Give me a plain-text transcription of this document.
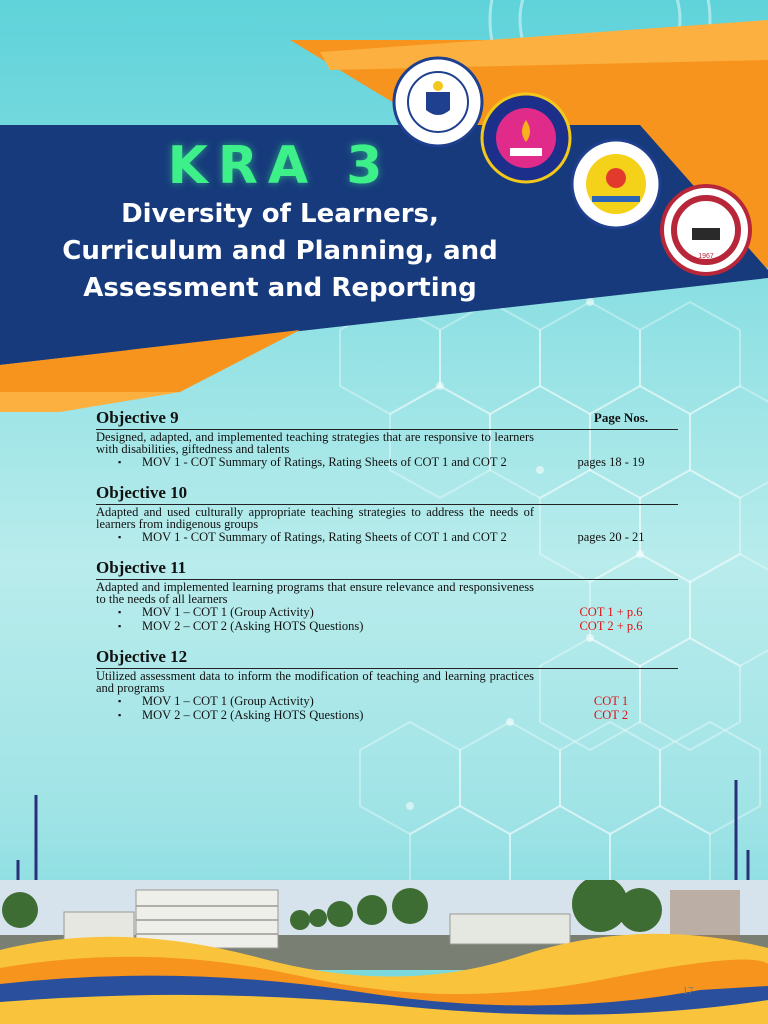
1967
KRA 3
Diversity of Learners,
Curriculum and Planning, and
Assessment and Reporting
Page Nos.
Objective 9
Designed, adapted, and implemented teaching strategies that are responsive to learners with disabilities, giftedness and talents
▪ MOV 1 - COT Summary of Ratings, Rating Sheets of COT 1 and COT 2	pages 18 - 19
Objective 10
Adapted and used culturally appropriate teaching strategies to address the needs of learners from indigenous groups
▪ MOV 1 - COT Summary of Ratings, Rating Sheets of COT 1 and COT 2	pages 20 - 21
Objective 11
Adapted and implemented learning programs that ensure relevance and responsiveness to the needs of all learners
▪ MOV 1 – COT 1 (Group Activity)	COT 1 + p.6
▪ MOV 2 – COT 2 (Asking HOTS Questions)	COT 2 + p.6
Objective 12
Utilized assessment data to inform the modification of teaching and learning practices and programs
▪ MOV 1 – COT 1 (Group Activity)	COT 1
▪ MOV 2 – COT 2 (Asking HOTS Questions)	COT 2
17
